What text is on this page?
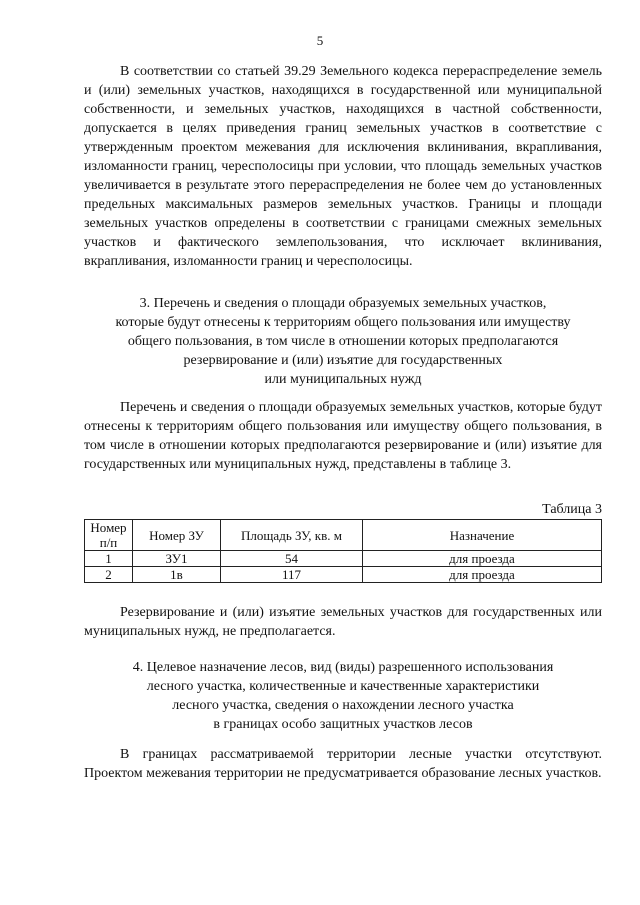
5

В соответствии со статьей 39.29 Земельного кодекса перераспределение земель и (или) земельных участков, находящихся в государственной или муниципальной собственности, и земельных участков, находящихся в частной собственности, допускается в целях приведения границ земельных участков в соответствие с утвержденным проектом межевания для исключения вклинивания, вкрапливания, изломанности границ, чересполосицы при условии, что площадь земельных участков увеличивается в результате этого перераспределения не более чем до установленных предельных максимальных размеров земельных участков. Границы и площади земельных участков определены в соответствии с границами смежных земельных участков и фактического землепользования, что исключает вклинивания, вкрапливания, изломанности границ и чересполосицы.

3. Перечень и сведения о площади образуемых земельных участков,
которые будут отнесены к территориям общего пользования или имуществу
общего пользования, в том числе в отношении которых предполагаются
резервирование и (или) изъятие для государственных
или муниципальных нужд

Перечень и сведения о площади образуемых земельных участков, которые будут отнесены к территориям общего пользования или имуществу общего пользования, в том числе в отношении которых предполагаются резервирование и (или) изъятие для государственных или муниципальных нужд, представлены в таблице 3.

Таблица 3
Номер п/п	Номер ЗУ	Площадь ЗУ, кв. м	Назначение
1	ЗУ1	54	для проезда
2	1в	117	для проезда

Резервирование и (или) изъятие земельных участков для государственных или муниципальных нужд, не предполагается.

4. Целевое назначение лесов, вид (виды) разрешенного использования
лесного участка, количественные и качественные характеристики
лесного участка, сведения о нахождении лесного участка
в границах особо защитных участков лесов

В границах рассматриваемой территории лесные участки отсутствуют. Проектом межевания территории не предусматривается образование лесных участков.
